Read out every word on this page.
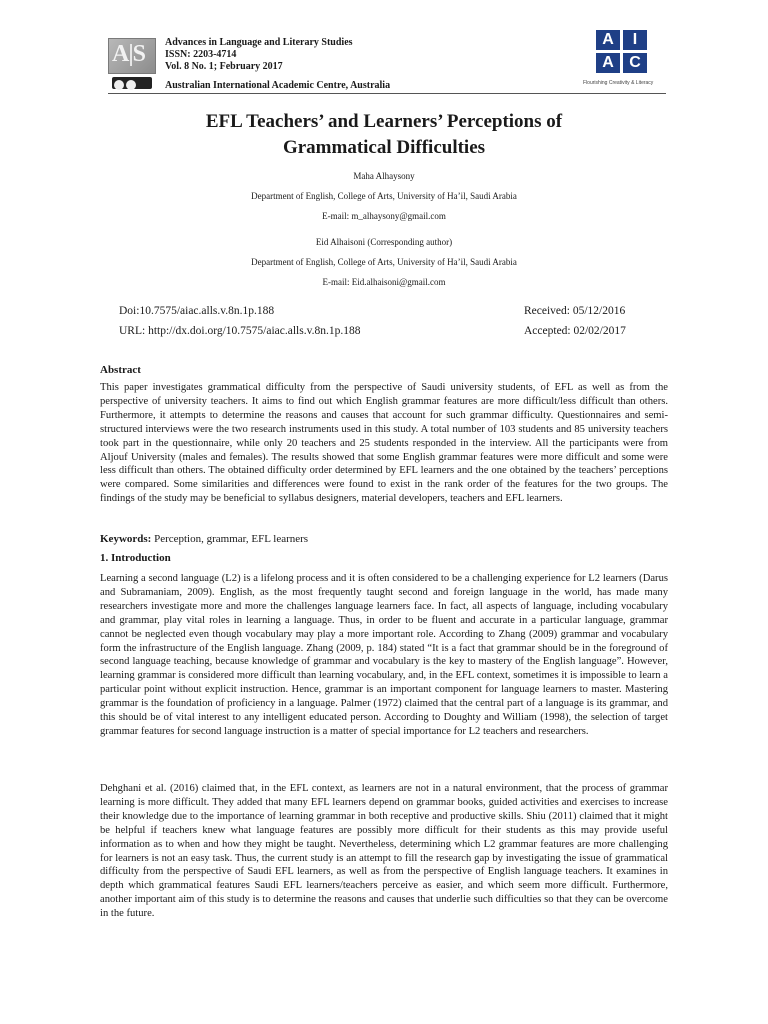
A|S Advances in Language and Literary Studies
ISSN: 2203-4714
Vol. 8 No. 1; February 2017
Australian International Academic Centre, Australia
A	I
A C
Flourishing Creativity & Literacy
EFL Teachers’ and Learners’ Perceptions of
Grammatical Difficulties
Maha Alhaysony
Department of English, College of Arts, University of Ha’il, Saudi Arabia
E-mail: m_alhaysony@gmail.com
Eid Alhaisoni (Corresponding author)
Department of English, College of Arts, University of Ha’il, Saudi Arabia
E-mail: Eid.alhaisoni@gmail.com
Doi:10.7575/aiac.alls.v.8n.1p.188
URL: http://dx.doi.org/10.7575/aiac.alls.v.8n.1p.188
Received: 05/12/2016
Accepted: 02/02/2017
Abstract
This paper investigates grammatical difficulty from the perspective of Saudi university students, of EFL as well as from the perspective of university teachers. It aims to find out which English grammar features are more difficult/less difficult than others. Furthermore, it attempts to determine the reasons and causes that account for such grammar difficulty. Questionnaires and semi-structured interviews were the two research instruments used in this study. A total number of 103 students and 85 university teachers took part in the questionnaire, while only 20 teachers and 25 students responded in the interview. All the participants were from Aljouf University (males and females). The results showed that some English grammar features were more difficult and some were less difficult than others. The obtained difficulty order determined by EFL learners and the one obtained by the teachers’ perceptions were compared. Some similarities and differences were found to exist in the rank order of the features for the two groups. The findings of the study may be beneficial to syllabus designers, material developers, teachers and EFL learners.
Keywords: Perception, grammar, EFL learners
1. Introduction
Learning a second language (L2) is a lifelong process and it is often considered to be a challenging experience for L2 learners (Darus and Subramaniam, 2009). English, as the most frequently taught second and foreign language in the world, has made many researchers investigate more and more the challenges language learners face. In fact, all aspects of language, including vocabulary and grammar, play vital roles in learning a language. Thus, in order to be fluent and accurate in a particular language, grammar cannot be neglected even though vocabulary may play a more important role. According to Zhang (2009) grammar and vocabulary form the infrastructure of the English language. Zhang (2009, p. 184) stated “It is a fact that grammar should be in the foreground of second language teaching, because knowledge of grammar and vocabulary is the key to mastery of the English language”. However, learning grammar is considered more difficult than learning vocabulary, and, in the EFL context, sometimes it is impossible to learn a particular point without explicit instruction. Hence, grammar is an important component for language learners to master. Mastering grammar is the foundation of proficiency in a language. Palmer (1972) claimed that the central part of a language is its grammar, and this should be of vital interest to any intelligent educated person. According to Doughty and William (1998), the selection of target grammar features for second language instruction is a matter of special importance for L2 teachers and researchers.
Dehghani et al. (2016) claimed that, in the EFL context, as learners are not in a natural environment, that the process of grammar learning is more difficult. They added that many EFL learners depend on grammar books, guided activities and exercises to increase their knowledge due to the importance of learning grammar in both receptive and productive skills. Shiu (2011) claimed that it might be helpful if teachers knew what language features are possibly more difficult for their students as this may provide useful information as to when and how they might be taught. Nevertheless, determining which L2 grammar features are more challenging for learners is not an easy task. Thus, the current study is an attempt to fill the research gap by investigating the issue of grammatical difficulty from the perspective of Saudi EFL learners, as well as from the perspective of English language teachers. It examines in depth which grammatical features Saudi EFL learners/teachers perceive as easier, and which seem more difficult. Furthermore, another important aim of this study is to determine the reasons and causes that underlie such difficulties so that they can be overcome in the future.
